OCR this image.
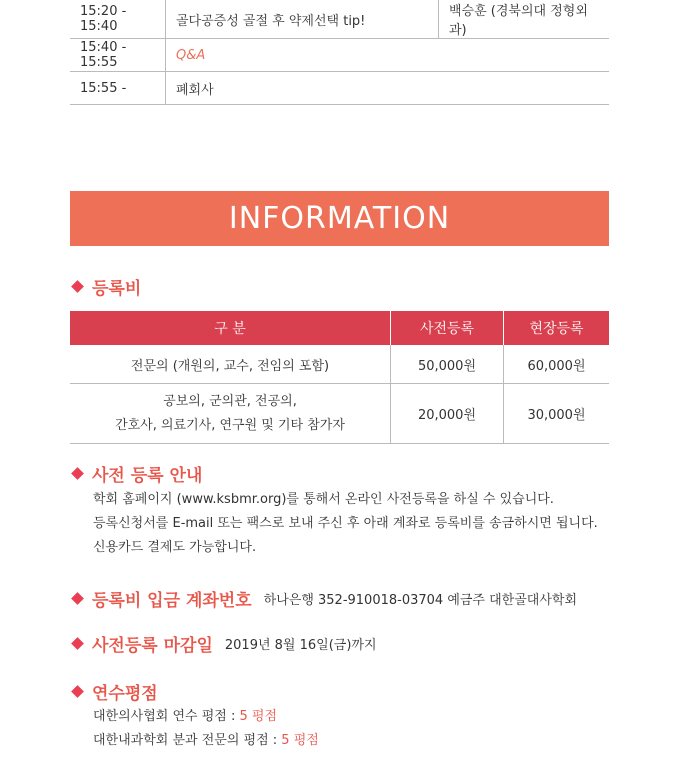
15:20 - 15:40	골다공증성 골절 후 약제선택 tip!	백승훈 (경북의대 정형외과)
15:40 - 15:55	Q&A	
15:55 -	폐회사	
INFORMATION
등록비
구 분	사전등록	현장등록
전문의 (개원의, 교수, 전임의 포함)	50,000원	60,000원

공보의, 군의관, 전공의,
간호사, 의료기사, 연구원 및 기타 참가자	20,000원	30,000원
사전 등록 안내
학회 홈페이지 (www.ksbmr.org)를 통해서 온라인 사전등록을 하실 수 있습니다.
등록신청서를 E-mail 또는 팩스로 보내 주신 후 아래 계좌로 등록비를 송금하시면 됩니다.
신용카드 결제도 가능합니다.
등록비 입금 계좌번호 하나은행 352-910018-03704 예금주 대한골대사학회
사전등록 마감일 2019년 8월 16일(금)까지
연수평점
대한의사협회 연수 평점 : 5 평점
대한내과학회 분과 전문의 평점 : 5 평점
